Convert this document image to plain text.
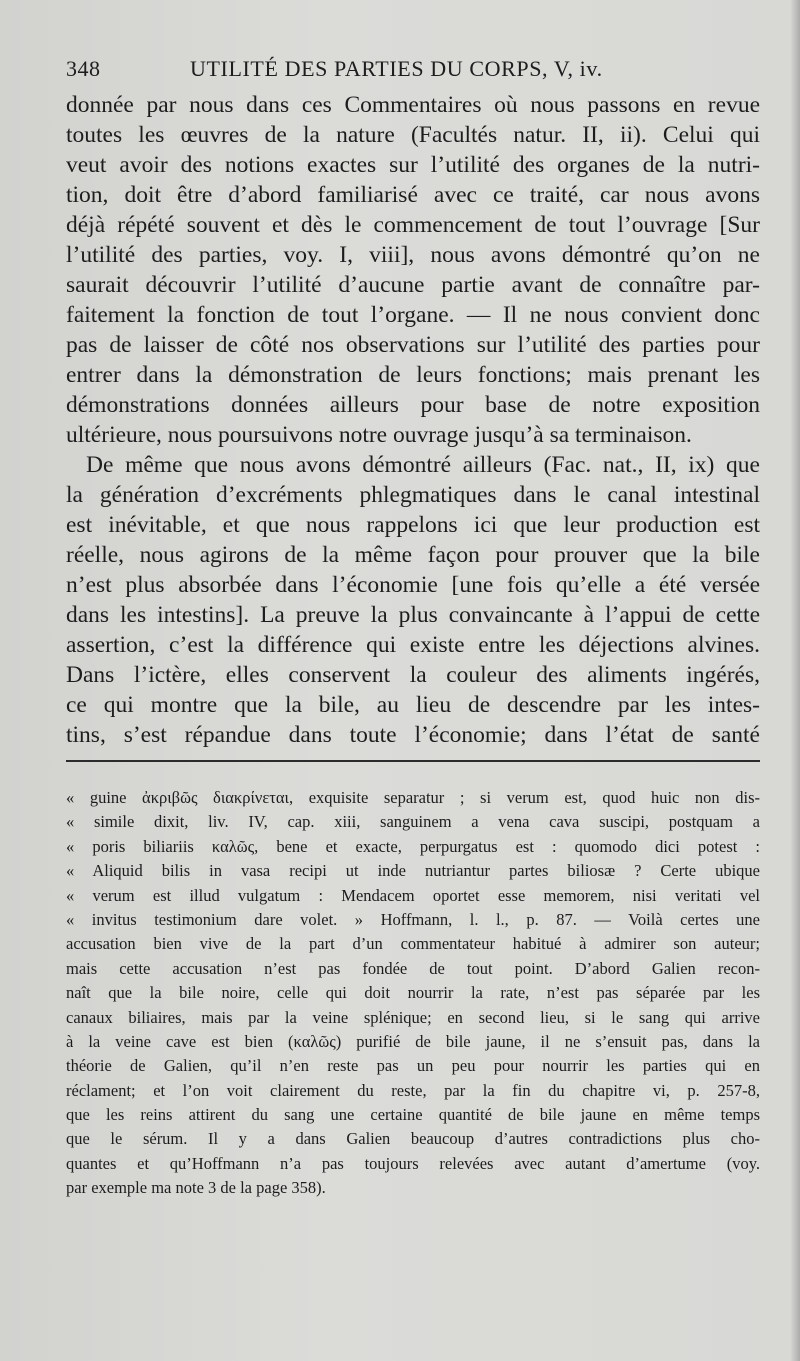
348	UTILITÉ DES PARTIES DU CORPS, V, iv.
donnée par nous dans ces Commentaires où nous passons en revue
toutes les œuvres de la nature (Facultés natur. II, ii). Celui qui
veut avoir des notions exactes sur l’utilité des organes de la nutri-
tion, doit être d’abord familiarisé avec ce traité, car nous avons
déjà répété souvent et dès le commencement de tout l’ouvrage [Sur
l’utilité des parties, voy. I, viii], nous avons démontré qu’on ne
saurait découvrir l’utilité d’aucune partie avant de connaître par-
faitement la fonction de tout l’organe. — Il ne nous convient donc
pas de laisser de côté nos observations sur l’utilité des parties pour
entrer dans la démonstration de leurs fonctions; mais prenant les
démonstrations données ailleurs pour base de notre exposition
ultérieure, nous poursuivons notre ouvrage jusqu’à sa terminaison.
De même que nous avons démontré ailleurs (Fac. nat., II, ix) que
la génération d’excréments phlegmatiques dans le canal intestinal
est inévitable, et que nous rappelons ici que leur production est
réelle, nous agirons de la même façon pour prouver que la bile
n’est plus absorbée dans l’économie [une fois qu’elle a été versée
dans les intestins]. La preuve la plus convaincante à l’appui de cette
assertion, c’est la différence qui existe entre les déjections alvines.
Dans l’ictère, elles conservent la couleur des aliments ingérés,
ce qui montre que la bile, au lieu de descendre par les intes-
tins, s’est répandue dans toute l’économie; dans l’état de santé
« guine ἀκριβῶς διακρίνεται, exquisite separatur ; si verum est, quod huic non dis-
« simile dixit, liv. IV, cap. xiii, sanguinem a vena cava suscipi, postquam a
« poris biliariis καλῶς, bene et exacte, perpurgatus est : quomodo dici potest :
« Aliquid bilis in vasa recipi ut inde nutriantur partes biliosæ ? Certe ubique
« verum est illud vulgatum : Mendacem oportet esse memorem, nisi veritati vel
« invitus testimonium dare volet. » Hoffmann, l. l., p. 87. — Voilà certes une
accusation bien vive de la part d’un commentateur habitué à admirer son auteur;
mais cette accusation n’est pas fondée de tout point. D’abord Galien recon-
naît que la bile noire, celle qui doit nourrir la rate, n’est pas séparée par les
canaux biliaires, mais par la veine splénique; en second lieu, si le sang qui arrive
à la veine cave est bien (καλῶς) purifié de bile jaune, il ne s’ensuit pas, dans la
théorie de Galien, qu’il n’en reste pas un peu pour nourrir les parties qui en
réclament; et l’on voit clairement du reste, par la fin du chapitre vi, p. 257-8,
que les reins attirent du sang une certaine quantité de bile jaune en même temps
que le sérum. Il y a dans Galien beaucoup d’autres contradictions plus cho-
quantes et qu’Hoffmann n’a pas toujours relevées avec autant d’amertume (voy.
par exemple ma note 3 de la page 358).
